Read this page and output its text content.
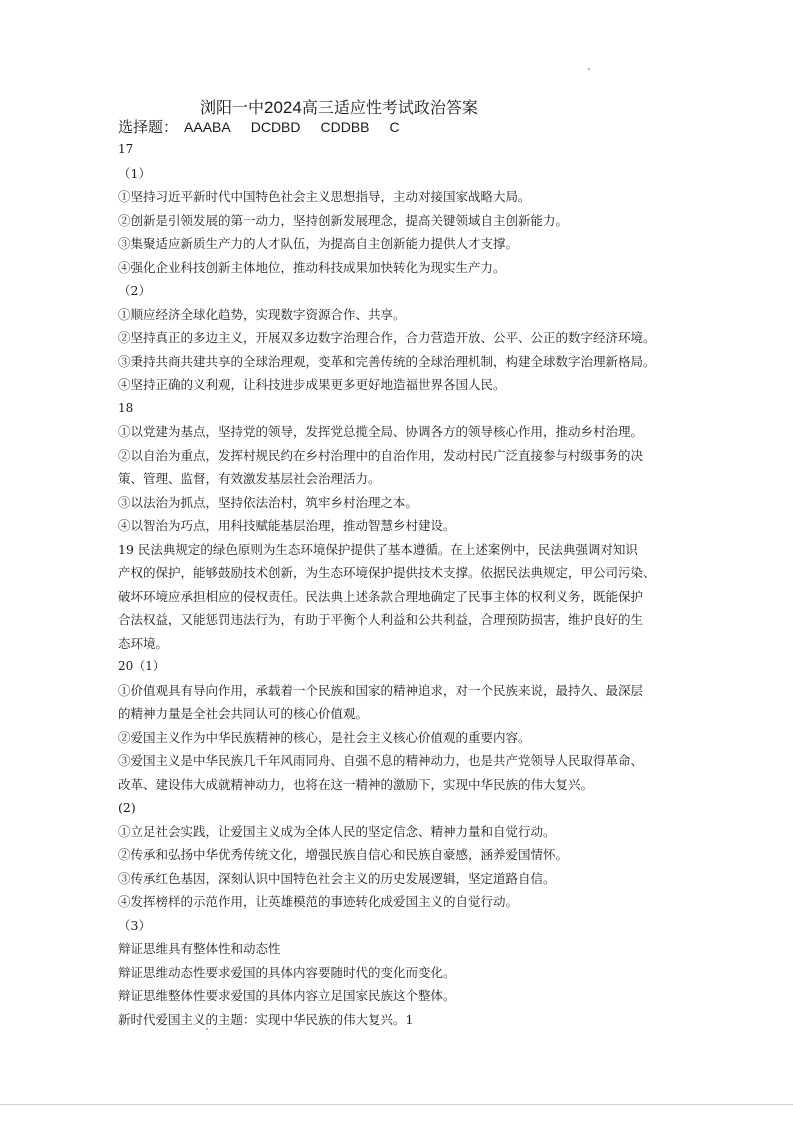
浏阳一中2024高三适应性考试政治答案
选择题： AAABA DCDBD CDDBB C
17
（1）
①坚持习近平新时代中国特色社会主义思想指导，主动对接国家战略大局。
②创新是引领发展的第一动力，坚持创新发展理念，提高关键领域自主创新能力。
③集聚适应新质生产力的人才队伍，为提高自主创新能力提供人才支撑。
④强化企业科技创新主体地位，推动科技成果加快转化为现实生产力。
（2）
①顺应经济全球化趋势，实现数字资源合作、共享。
②坚持真正的多边主义，开展双多边数字治理合作，合力营造开放、公平、公正的数字经济环境。
③秉持共商共建共享的全球治理观，变革和完善传统的全球治理机制，构建全球数字治理新格局。
④坚持正确的义利观，让科技进步成果更多更好地造福世界各国人民。
18
①以党建为基点，坚持党的领导，发挥党总揽全局、协调各方的领导核心作用，推动乡村治理。
②以自治为重点，发挥村规民约在乡村治理中的自治作用，发动村民广泛直接参与村级事务的决
策、管理、监督，有效激发基层社会治理活力。
③以法治为抓点，坚持依法治村，筑牢乡村治理之本。
④以智治为巧点，用科技赋能基层治理，推动智慧乡村建设。
19 民法典规定的绿色原则为生态环境保护提供了基本遵循。在上述案例中，民法典强调对知识
产权的保护，能够鼓励技术创新，为生态环境保护提供技术支撑。依据民法典规定，甲公司污染、
破坏环境应承担相应的侵权责任。民法典上述条款合理地确定了民事主体的权利义务，既能保护
合法权益，又能惩罚违法行为，有助于平衡个人利益和公共利益，合理预防损害，维护良好的生
态环境。
20（1）
①价值观具有导向作用，承载着一个民族和国家的精神追求，对一个民族来说，最持久、最深层
的精神力量是全社会共同认可的核心价值观。
②爱国主义作为中华民族精神的核心，是社会主义核心价值观的重要内容。
③爱国主义是中华民族几千年风雨同舟、自强不息的精神动力，也是共产党领导人民取得革命、
改革、建设伟大成就精神动力，也将在这一精神的激励下，实现中华民族的伟大复兴。
(2)
①立足社会实践，让爱国主义成为全体人民的坚定信念、精神力量和自觉行动。
②传承和弘扬中华优秀传统文化，增强民族自信心和民族自豪感，涵养爱国情怀。
③传承红色基因，深刻认识中国特色社会主义的历史发展逻辑，坚定道路自信。
④发挥榜样的示范作用，让英雄模范的事迹转化成爱国主义的自觉行动。
（3）
辩证思维具有整体性和动态性
辩证思维动态性要求爱国的具体内容要随时代的变化而变化。
辩证思维整体性要求爱国的具体内容立足国家民族这个整体。
新时代爱国主义的主题：实现中华民族的伟大复兴。1
